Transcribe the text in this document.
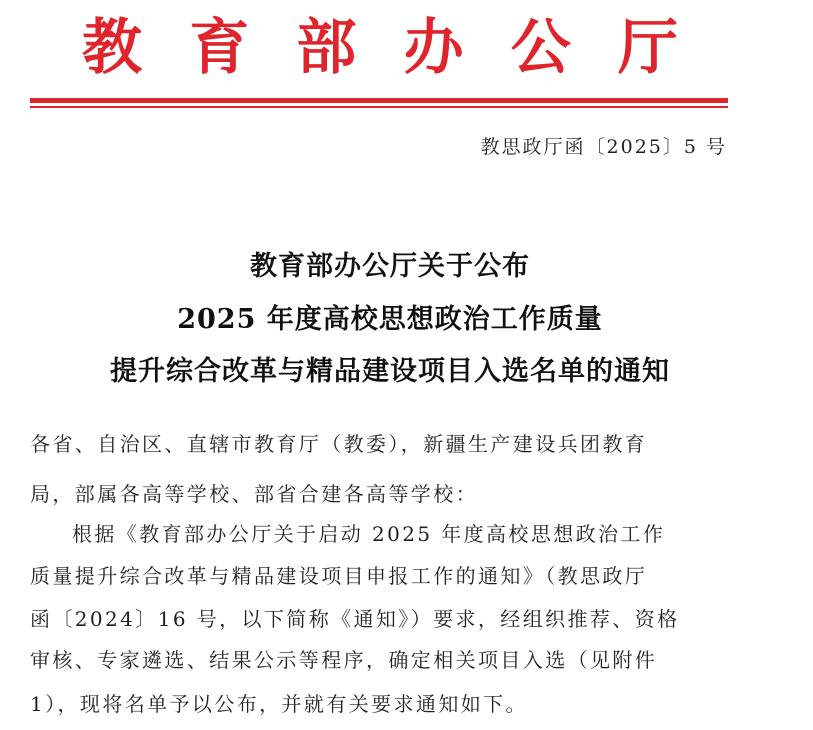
教 育 部 办 公 厅
教思政厅函〔2025〕5 号
教育部办公厅关于公布
2025 年度高校思想政治工作质量
提升综合改革与精品建设项目入选名单的通知
各省、自治区、直辖市教育厅（教委），新疆生产建设兵团教育
局，部属各高等学校、部省合建各高等学校：
根据《教育部办公厅关于启动 2025 年度高校思想政治工作
质量提升综合改革与精品建设项目申报工作的通知》（教思政厅
函〔2024〕16 号，以下简称《通知》）要求，经组织推荐、资格
审核、专家遴选、结果公示等程序，确定相关项目入选（见附件
1），现将名单予以公布，并就有关要求通知如下。
